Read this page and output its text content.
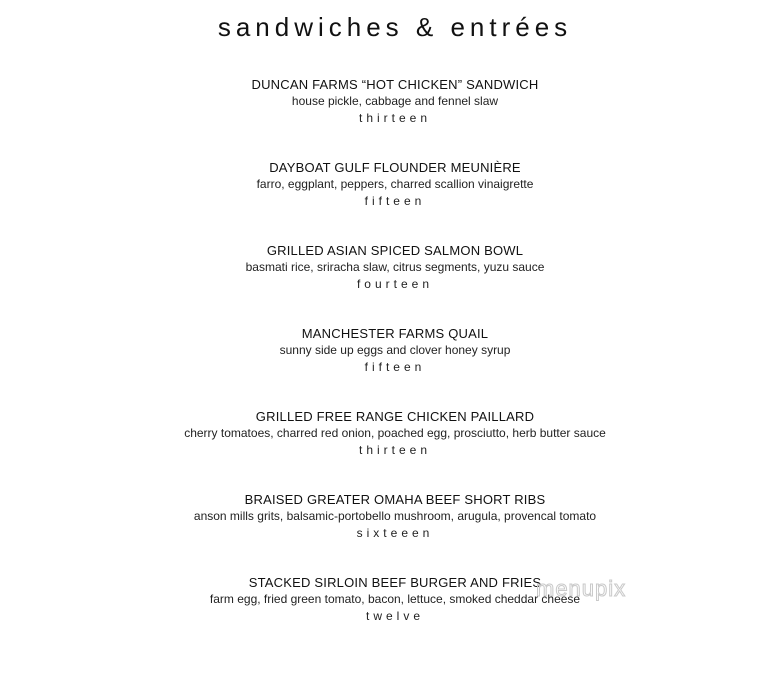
sandwiches & entrées
DUNCAN FARMS “HOT CHICKEN” SANDWICH
house pickle, cabbage and fennel slaw
thirteen
DAYBOAT GULF FLOUNDER MEUNIÈRE
farro, eggplant, peppers, charred scallion vinaigrette
fifteen
GRILLED ASIAN SPICED SALMON BOWL
basmati rice, sriracha slaw, citrus segments, yuzu sauce
fourteen
MANCHESTER FARMS QUAIL
sunny side up eggs and clover honey syrup
fifteen
GRILLED FREE RANGE CHICKEN PAILLARD
cherry tomatoes, charred red onion, poached egg, prosciutto, herb butter sauce
thirteen
BRAISED GREATER OMAHA BEEF SHORT RIBS
anson mills grits, balsamic-portobello mushroom, arugula, provencal tomato
sixteeen
STACKED SIRLOIN BEEF BURGER AND FRIES
farm egg, fried green tomato, bacon, lettuce, smoked cheddar cheese
twelve
menupix
